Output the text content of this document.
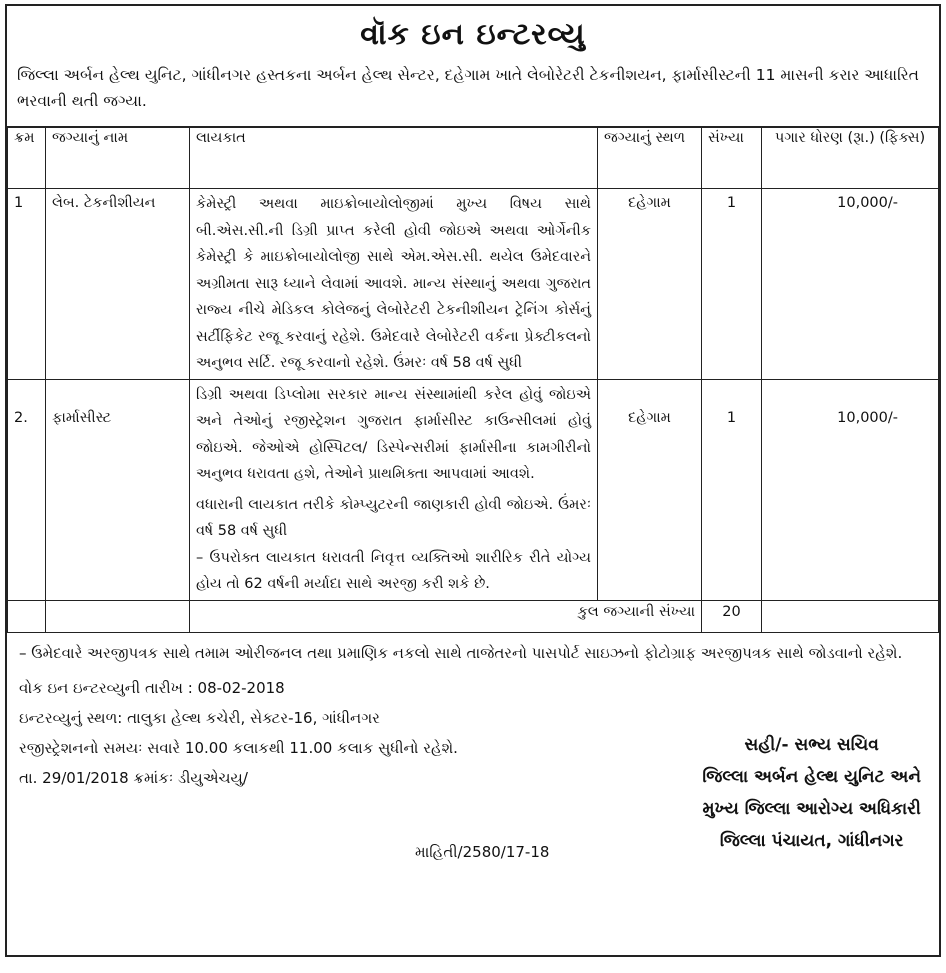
વૉક ઇન ઇન્ટરવ્યુ
જિલ્લા અર્બન હેલ્થ યુનિટ, ગાંધીનગર હસ્તકના અર્બન હેલ્થ સેન્ટર, દહેગામ ખાતે લેબોરેટરી ટેકનીશયન, ફાર્માસીસ્ટની 11 માસની કરાર આધારિત ભરવાની થતી જગ્યા.
ક્રમ	જગ્યાનું નામ	લાયકાત	જગ્યાનું સ્થળ	સંખ્યા	પગાર ધોરણ (રૂા.) (ફિક્સ)
1	લેબ. ટેકનીશીયન	કેમેસ્ટ્રી અથવા માઇક્રોબાયોલોજીમાં મુખ્ય વિષય સાથે બી.એસ.સી.ની ડિગ્રી પ્રાપ્ત કરેલી હોવી જોઇએ અથવા ઓર્ગેનીક કેમેસ્ટ્રી કે માઇક્રોબાયોલોજી સાથે એમ.એસ.સી. થયેલ ઉમેદવારને અગ્રીમતા સારૂ ધ્યાને લેવામાં આવશે. માન્ય સંસ્થાનું અથવા ગુજરાત રાજ્ય નીચે મેડિકલ કોલેજનું લેબોરેટરી ટેકનીશીયન ટ્રેનિંગ કોર્સનું સર્ટીફિકેટ રજૂ કરવાનું રહેશે. ઉમેદવારે લેબોરેટરી વર્કના પ્રેક્ટીકલનો અનુભવ સર્ટિ. રજૂ કરવાનો રહેશે. ઉંમરઃ વર્ષ 58 વર્ષ સુધી	દહેગામ	1	10,000/-
2.	ફાર્માસીસ્ટ	ડિગ્રી અથવા ડિપ્લોમા સરકાર માન્ય સંસ્થામાંથી કરેલ હોવું જોઇએ અને તેઓનું રજીસ્ટ્રેશન ગુજરાત ફાર્માસીસ્ટ કાઉન્સીલમાં હોવું જોઇએ. જેઓએ હોસ્પિટલ/ ડિસ્પેન્સરીમાં ફાર્માસીના કામગીરીનો અનુભવ ધરાવતા હશે, તેઓને પ્રાથમિક્તા આપવામાં આવશે.

વધારાની લાયકાત તરીકે કોમ્પ્યુટરની જાણકારી હોવી જોઇએ. ઉંમરઃ વર્ષ 58 વર્ષ સુધી

– ઉપરોક્ત લાયકાત ધરાવતી નિવૃત્ત વ્યક્તિઓ શારીરિક રીતે યોગ્ય હોય તો 62 વર્ષની મર્યાદા સાથે અરજી કરી શકે છે.	દહેગામ	1	10,000/-
		કુલ જગ્યાની સંખ્યા		20	
– ઉમેદવારે અરજીપત્રક સાથે તમામ ઓરીજનલ તથા પ્રમાણિક નકલો સાથે તાજેતરનો પાસપોર્ટ સાઇઝનો ફોટોગ્રાફ અરજીપત્રક સાથે જોડવાનો રહેશે.
વોક ઇન ઇન્ટરવ્યુની તારીખ : 08-02-2018
ઇન્ટરવ્યુનું સ્થળ: તાલુકા હેલ્થ કચેરી, સેક્ટર-16, ગાંધીનગર
રજીસ્ટ્રેશનનો સમયઃ સવારે 10.00 કલાકથી 11.00 કલાક સુધીનો રહેશે.
તા. 29/01/2018 ક્રમાંકઃ ડીયુએચયુ/
માહિતી/2580/17-18
સહી/- સભ્ય સચિવ
જિલ્લા અર્બન હેલ્થ યુનિટ અને
મુખ્ય જિલ્લા આરોગ્ય અધિકારી
જિલ્લા પંચાયત, ગાંધીનગર
